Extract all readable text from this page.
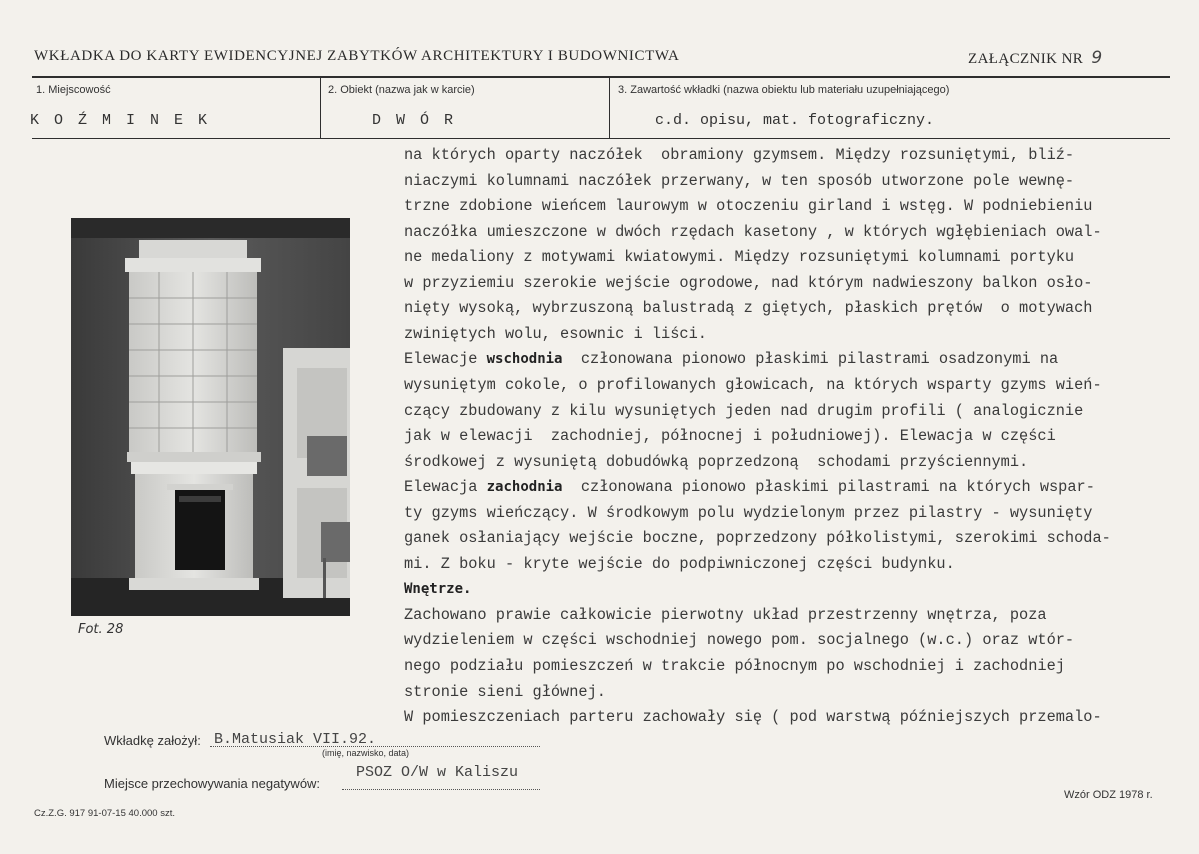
WKŁADKA DO KARTY EWIDENCYJNEJ ZABYTKÓW ARCHITEKTURY I BUDOWNICTWA	ZAŁĄCZNIK NR 9
1. Miejscowość
K O Ź M I N E K
2. Obiekt (nazwa jak w karcie)
D W Ó R
3. Zawartość wkładki (nazwa obiektu lub materiału uzupełniającego)
c.d. opisu, mat. fotograficzny.
na których oparty naczółek  obramiony gzymsem. Między rozsuniętymi, bliź-
niaczymi kolumnami naczółek przerwany, w ten sposób utworzone pole wewnę-
trzne zdobione wieńcem laurowym w otoczeniu girland i wstęg. W podniebieniu
naczółka umieszczone w dwóch rzędach kasetony , w których wgłębieniach owal-
ne medaliony z motywami kwiatowymi. Między rozsuniętymi kolumnami portyku
w przyziemiu szerokie wejście ogrodowe, nad którym nadwieszony balkon osło-
nięty wysoką, wybrzuszoną balustradą z giętych, płaskich prętów  o motywach
zwiniętych wolu, esownic i liści.
Elewacje wschodnia  członowana pionowo płaskimi pilastrami osadzonymi na
wysuniętym cokole, o profilowanych głowicach, na których wsparty gzyms wień-
czący zbudowany z kilu wysuniętych jeden nad drugim profili ( analogicznie
jak w elewacji  zachodniej, północnej i południowej). Elewacja w części
środkowej z wysuniętą dobudówką poprzedzoną  schodami przyściennymi.
Elewacja zachodnia  członowana pionowo płaskimi pilastrami na których wspar-
ty gzyms wieńczący. W środkowym polu wydzielonym przez pilastry - wysunięty
ganek osłaniający wejście boczne, poprzedzony półkolistymi, szerokimi schoda-
mi. Z boku - kryte wejście do podpiwniczonej części budynku.
Wnętrze.
Zachowano prawie całkowicie pierwotny układ przestrzenny wnętrza, poza
wydzieleniem w części wschodniej nowego pom. socjalnego (w.c.) oraz wtór-
nego podziału pomieszczeń w trakcie północnym po wschodniej i zachodniej
stronie sieni głównej.
W pomieszczeniach parteru zachowały się ( pod warstwą późniejszych przemalo-
Fot. 28
Wkładkę założył: B.Matusiak VII.92.
(imię, nazwisko, data)
Miejsce przechowywania negatywów:
PSOZ O/W w Kaliszu
Cz.Z.G. 917 91-07-15 40.000 szt.
Wzór ODZ 1978 r.
